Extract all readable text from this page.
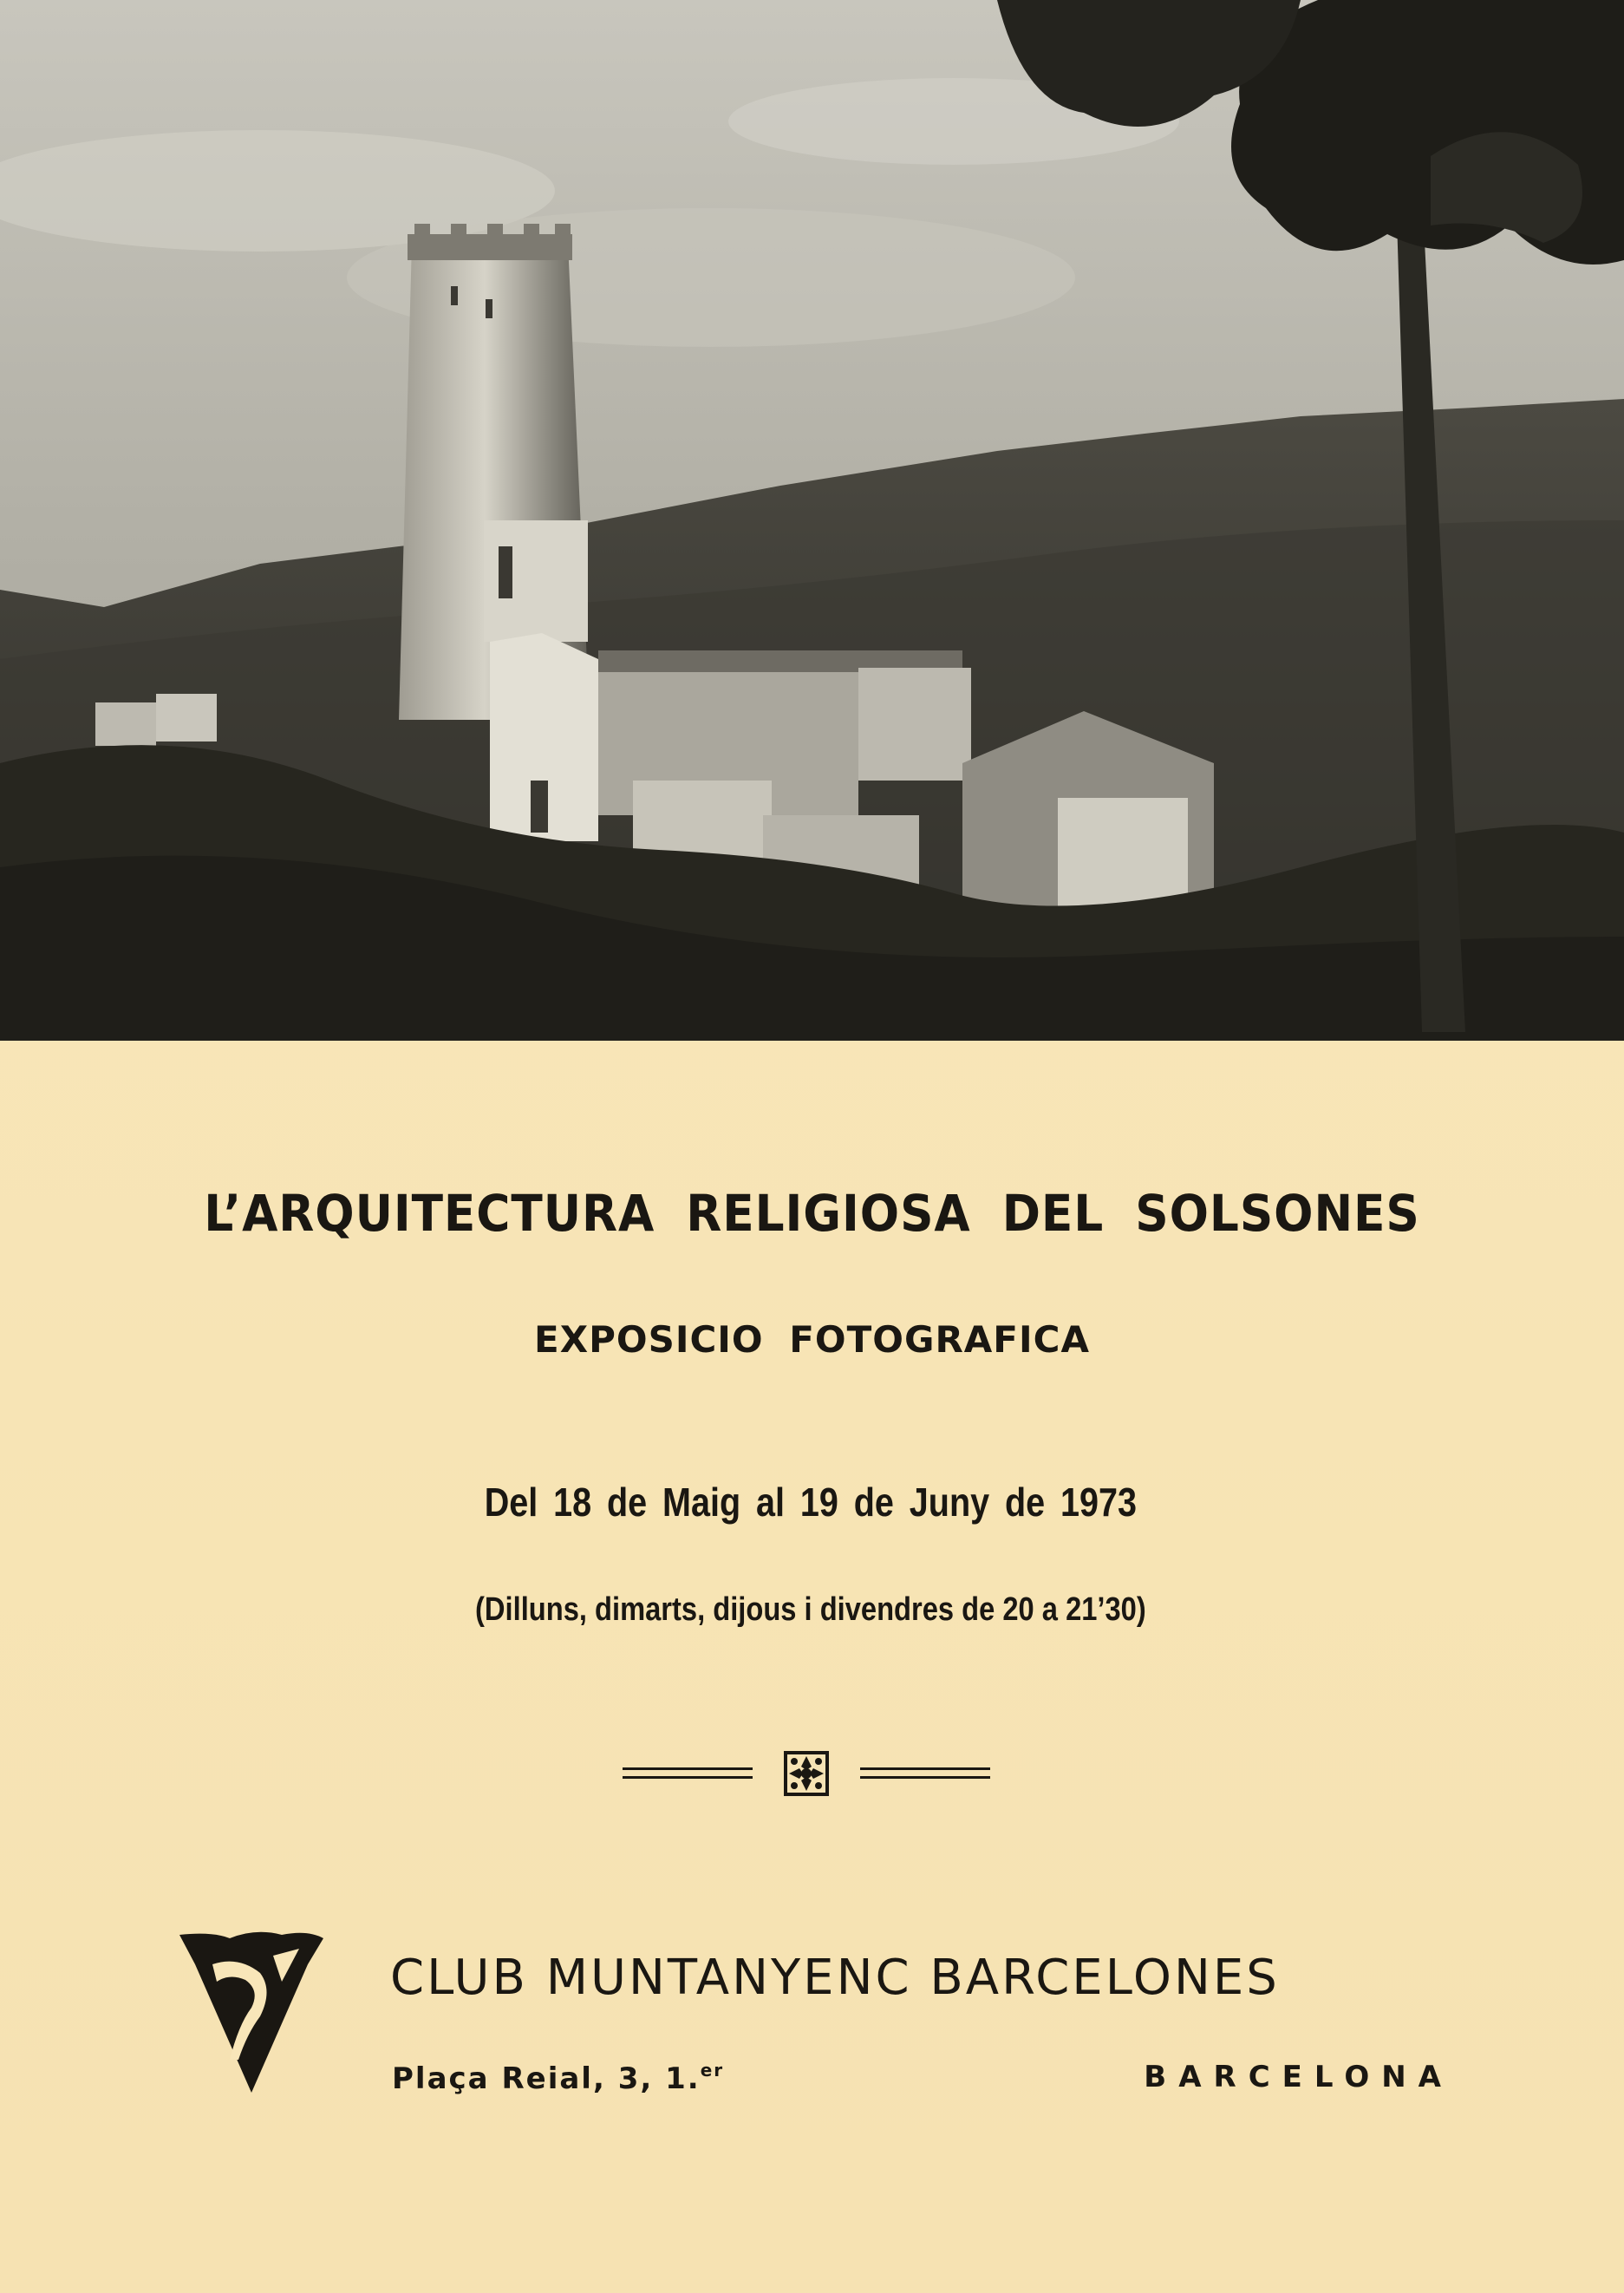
L’ARQUITECTURA RELIGIOSA DEL SOLSONES
EXPOSICIO FOTOGRAFICA
Del 18 de Maig al 19 de Juny de 1973
(Dilluns, dimarts, dijous i divendres de 20 a 21’30)
CLUB MUNTANYENC BARCELONES
Plaça Reial, 3, 1.$^{er}$	BARCELONA
